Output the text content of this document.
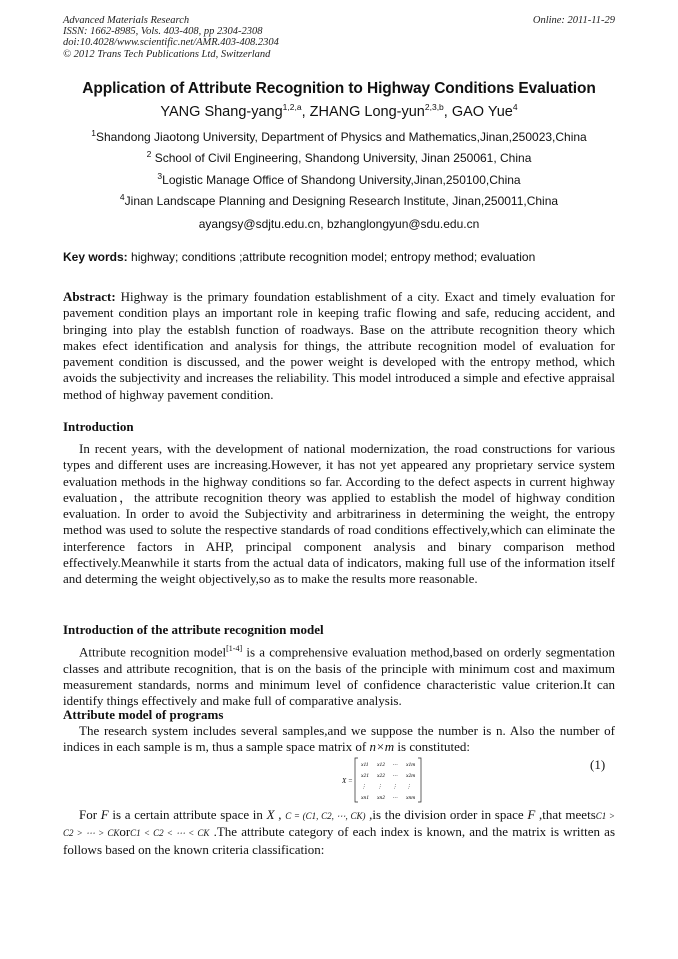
Advanced Materials Research
ISSN: 1662-8985, Vols. 403-408, pp 2304-2308
doi:10.4028/www.scientific.net/AMR.403-408.2304
© 2012 Trans Tech Publications Ltd, Switzerland
Online: 2011-11-29
Application of Attribute Recognition to Highway Conditions Evaluation
YANG Shang-yang$^{1,2,a}$, ZHANG Long-yun$^{2,3,b}$, GAO Yue$^4$
$^1$Shandong Jiaotong University, Department of Physics and Mathematics,Jinan,250023,China
$^2$ School of Civil Engineering, Shandong University, Jinan 250061, China
$^3$Logistic Manage Office of Shandong University,Jinan,250100,China
$^4$Jinan Landscape Planning and Designing Research Institute, Jinan,250011,China
ayangsy@sdjtu.edu.cn, bzhanglongyun@sdu.edu.cn
Key words: highway; conditions ;attribute recognition model; entropy method; evaluation
Abstract: Highway is the primary foundation establishment of a city. Exact and timely evaluation for pavement condition plays an important role in keeping trafic flowing and safe, reducing accident, and bringing into play the establsh function of roadways. Base on the attribute recognition theory which makes efect identification and analysis for things, the attribute recognition model of evaluation for pavement condition is discussed, and the power weight is developed with the entropy method, which avoids the subjectivity and increases the reliability. This model introduced a simple and efective appraisal method of highway pavement condition.
Introduction
In recent years, with the development of national modernization, the road constructions for various types and different uses are increasing.However, it has not yet appeared any proprietary service system evaluation methods in the highway conditions so far. According to the defect aspects in current highway evaluation，the attribute recognition theory was applied to establish the model of highway condition evaluation. In order to avoid the Subjectivity and arbitrariness in determining the weight, the entropy method was used to solute the respective standards of road conditions effectively,which can eliminate the interference factors in AHP, principal component analysis and binary comparison method effectively.Meanwhile it starts from the actual data of indicators, making full use of the information itself and determing the weight objectively,so as to make the results more reasonable.
Introduction of the attribute recognition model
Attribute recognition model[1-4] is a comprehensive evaluation method,based on orderly segmentation classes and attribute recognition, that is on the basis of the principle with minimum cost and maximum measurement standards, norms and minimum level of confidence characteristic value criterion.It can identify things effectively and make full of comparative analysis.
Attribute model of programs
The research system includes several samples,and we suppose the number is n. Also the number of indices in each sample is m, thus a sample space matrix of n×m is constituted:
X =
x11 x12 ⋯ x1m
x21 x22 ⋯ x2m
⋮ ⋮ ⋮ ⋮
xn1 xn2 ⋯ xnm
(1)
For F is a certain attribute space in X , C = (C1, C2, ⋯, CK) ,is the division order in space F ,that meetsC1 > C2 > ⋯ > CKorC1 < C2 < ⋯ < CK .The attribute category of each index is known, and the matrix is written as follows based on the known criteria classification:
